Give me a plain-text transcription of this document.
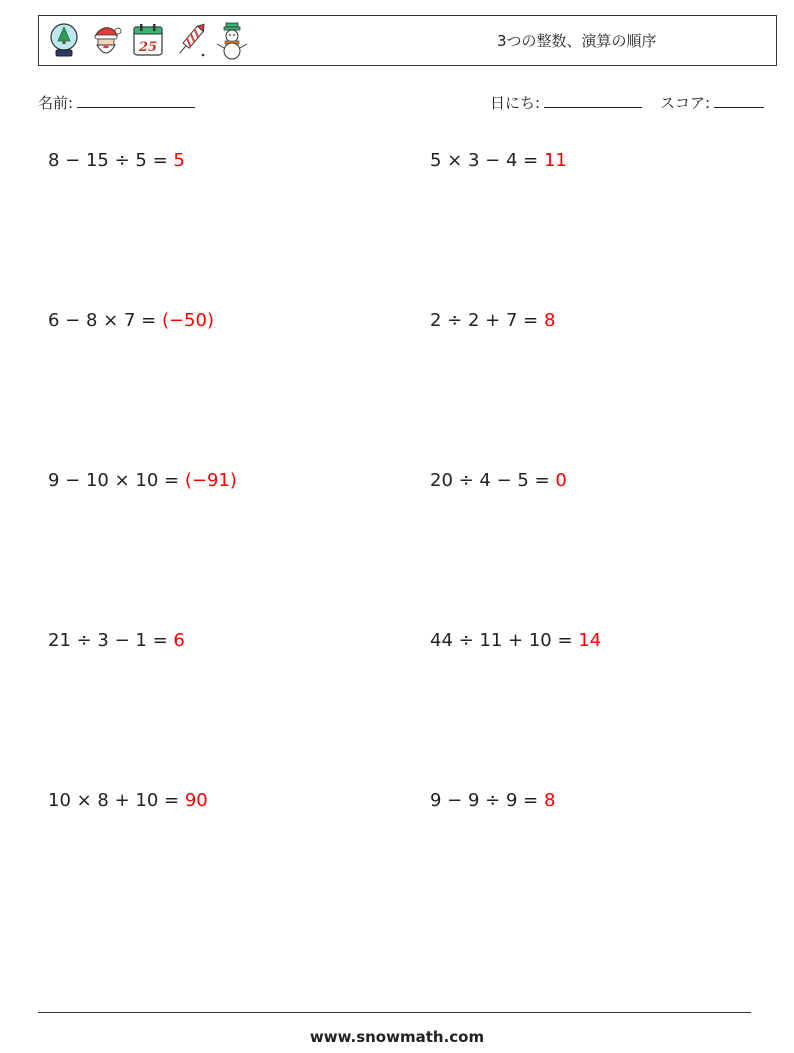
25	3つの整数、演算の順序
名前:	日にち:	スコア:
8 − 15 ÷ 5 = 5	5 × 3 − 4 = 11
6 − 8 × 7 = (−50)	2 ÷ 2 + 7 = 8
9 − 10 × 10 = (−91)	20 ÷ 4 − 5 = 0
21 ÷ 3 − 1 = 6	44 ÷ 11 + 10 = 14
10 × 8 + 10 = 90	9 − 9 ÷ 9 = 8
www.snowmath.com
